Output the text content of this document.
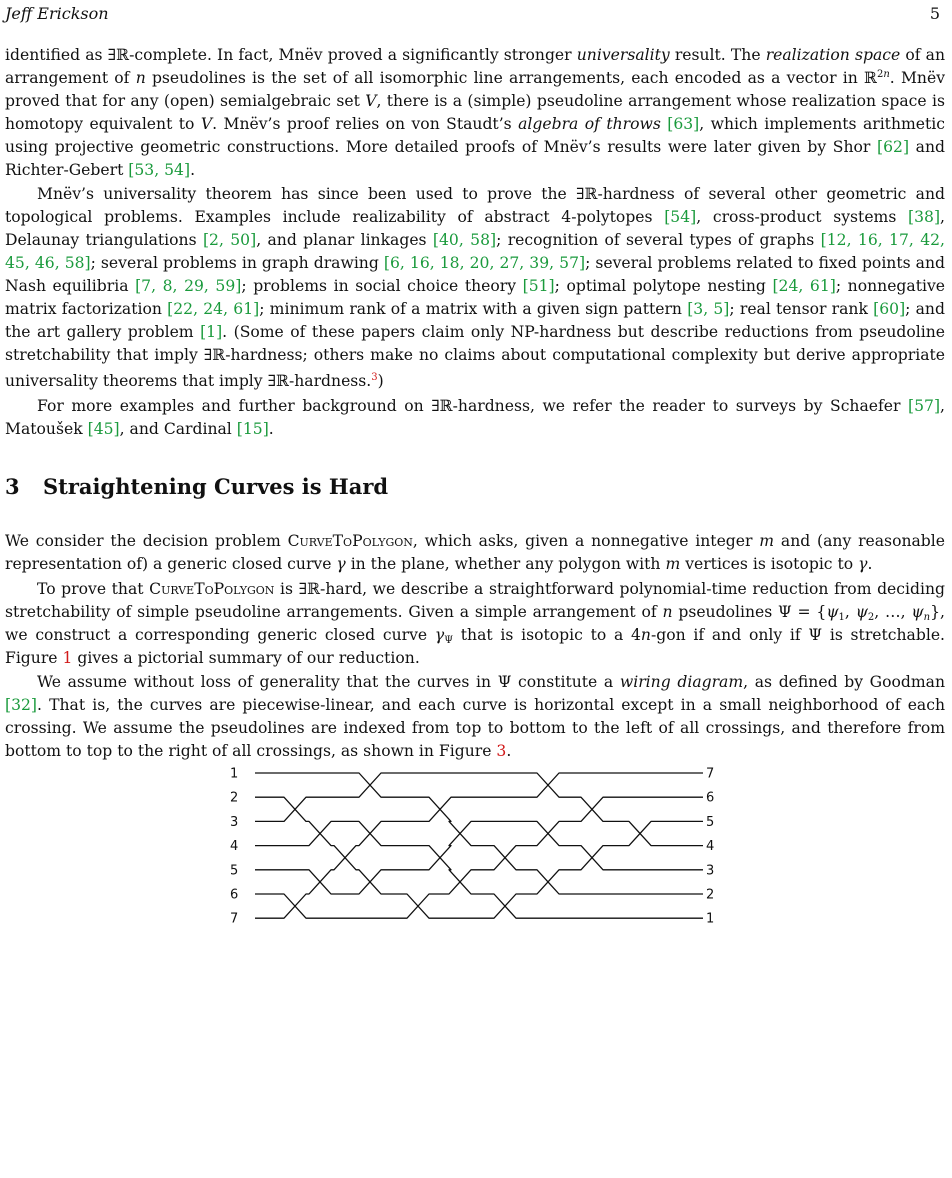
Jeff Erickson	5

identified as ∃ℝ-complete. In fact, Mnëv proved a significantly stronger universality result. The realization space of an arrangement of n pseudolines is the set of all isomorphic line arrangements, each encoded as a vector in ℝ$^{2n}$. Mnëv proved that for any (open) semialgebraic set V, there is a (simple) pseudoline arrangement whose realization space is homotopy equivalent to V. Mnëv’s proof relies on von Staudt’s algebra of throws [63], which implements arithmetic using projective geometric constructions. More detailed proofs of Mnëv’s results were later given by Shor [62] and Richter-Gebert [53, 54].

Mnëv’s universality theorem has since been used to prove the ∃ℝ-hardness of several other geometric and topological problems. Examples include realizability of abstract 4-polytopes [54], cross-product systems [38], Delaunay triangulations [2, 50], and planar linkages [40, 58]; recognition of several types of graphs [12, 16, 17, 42, 45, 46, 58]; several problems in graph drawing [6, 16, 18, 20, 27, 39, 57]; several problems related to fixed points and Nash equilibria [7, 8, 29, 59]; problems in social choice theory [51]; optimal polytope nesting [24, 61]; nonnegative matrix factorization [22, 24, 61]; minimum rank of a matrix with a given sign pattern [3, 5]; real tensor rank [60]; and the art gallery problem [1]. (Some of these papers claim only NP-hardness but describe reductions from pseudoline stretchability that imply ∃ℝ-hardness; others make no claims about computational complexity but derive appropriate universality theorems that imply ∃ℝ-hardness.$^3$)

For more examples and further background on ∃ℝ-hardness, we refer the reader to surveys by Schaefer [57], Matoušek [45], and Cardinal [15].

3 Straightening Curves is Hard

We consider the decision problem CurveToPolygon, which asks, given a nonnegative integer m and (any reasonable representation of) a generic closed curve γ in the plane, whether any polygon with m vertices is isotopic to γ.

To prove that CurveToPolygon is ∃ℝ-hard, we describe a straightforward polynomial-time reduction from deciding stretchability of simple pseudoline arrangements. Given a simple arrangement of n pseudolines $\Psi = \{\psi_1$, $\psi_2$, …, $\psi_n$}, we construct a corresponding generic closed curve $\gamma_\Psi$ that is isotopic to a 4n-gon if and only if Ψ is stretchable. Figure 1 gives a pictorial summary of our reduction.

We assume without loss of generality that the curves in Ψ constitute a wiring diagram, as defined by Goodman [32]. That is, the curves are piecewise-linear, and each curve is horizontal except in a small neighborhood of each crossing. We assume the pseudolines are indexed from top to bottom to the left of all crossings, and therefore from bottom to top to the right of all crossings, as shown in Figure 3.

1
2
3
4
5
6
7
7
6
5
4
3
2
1
